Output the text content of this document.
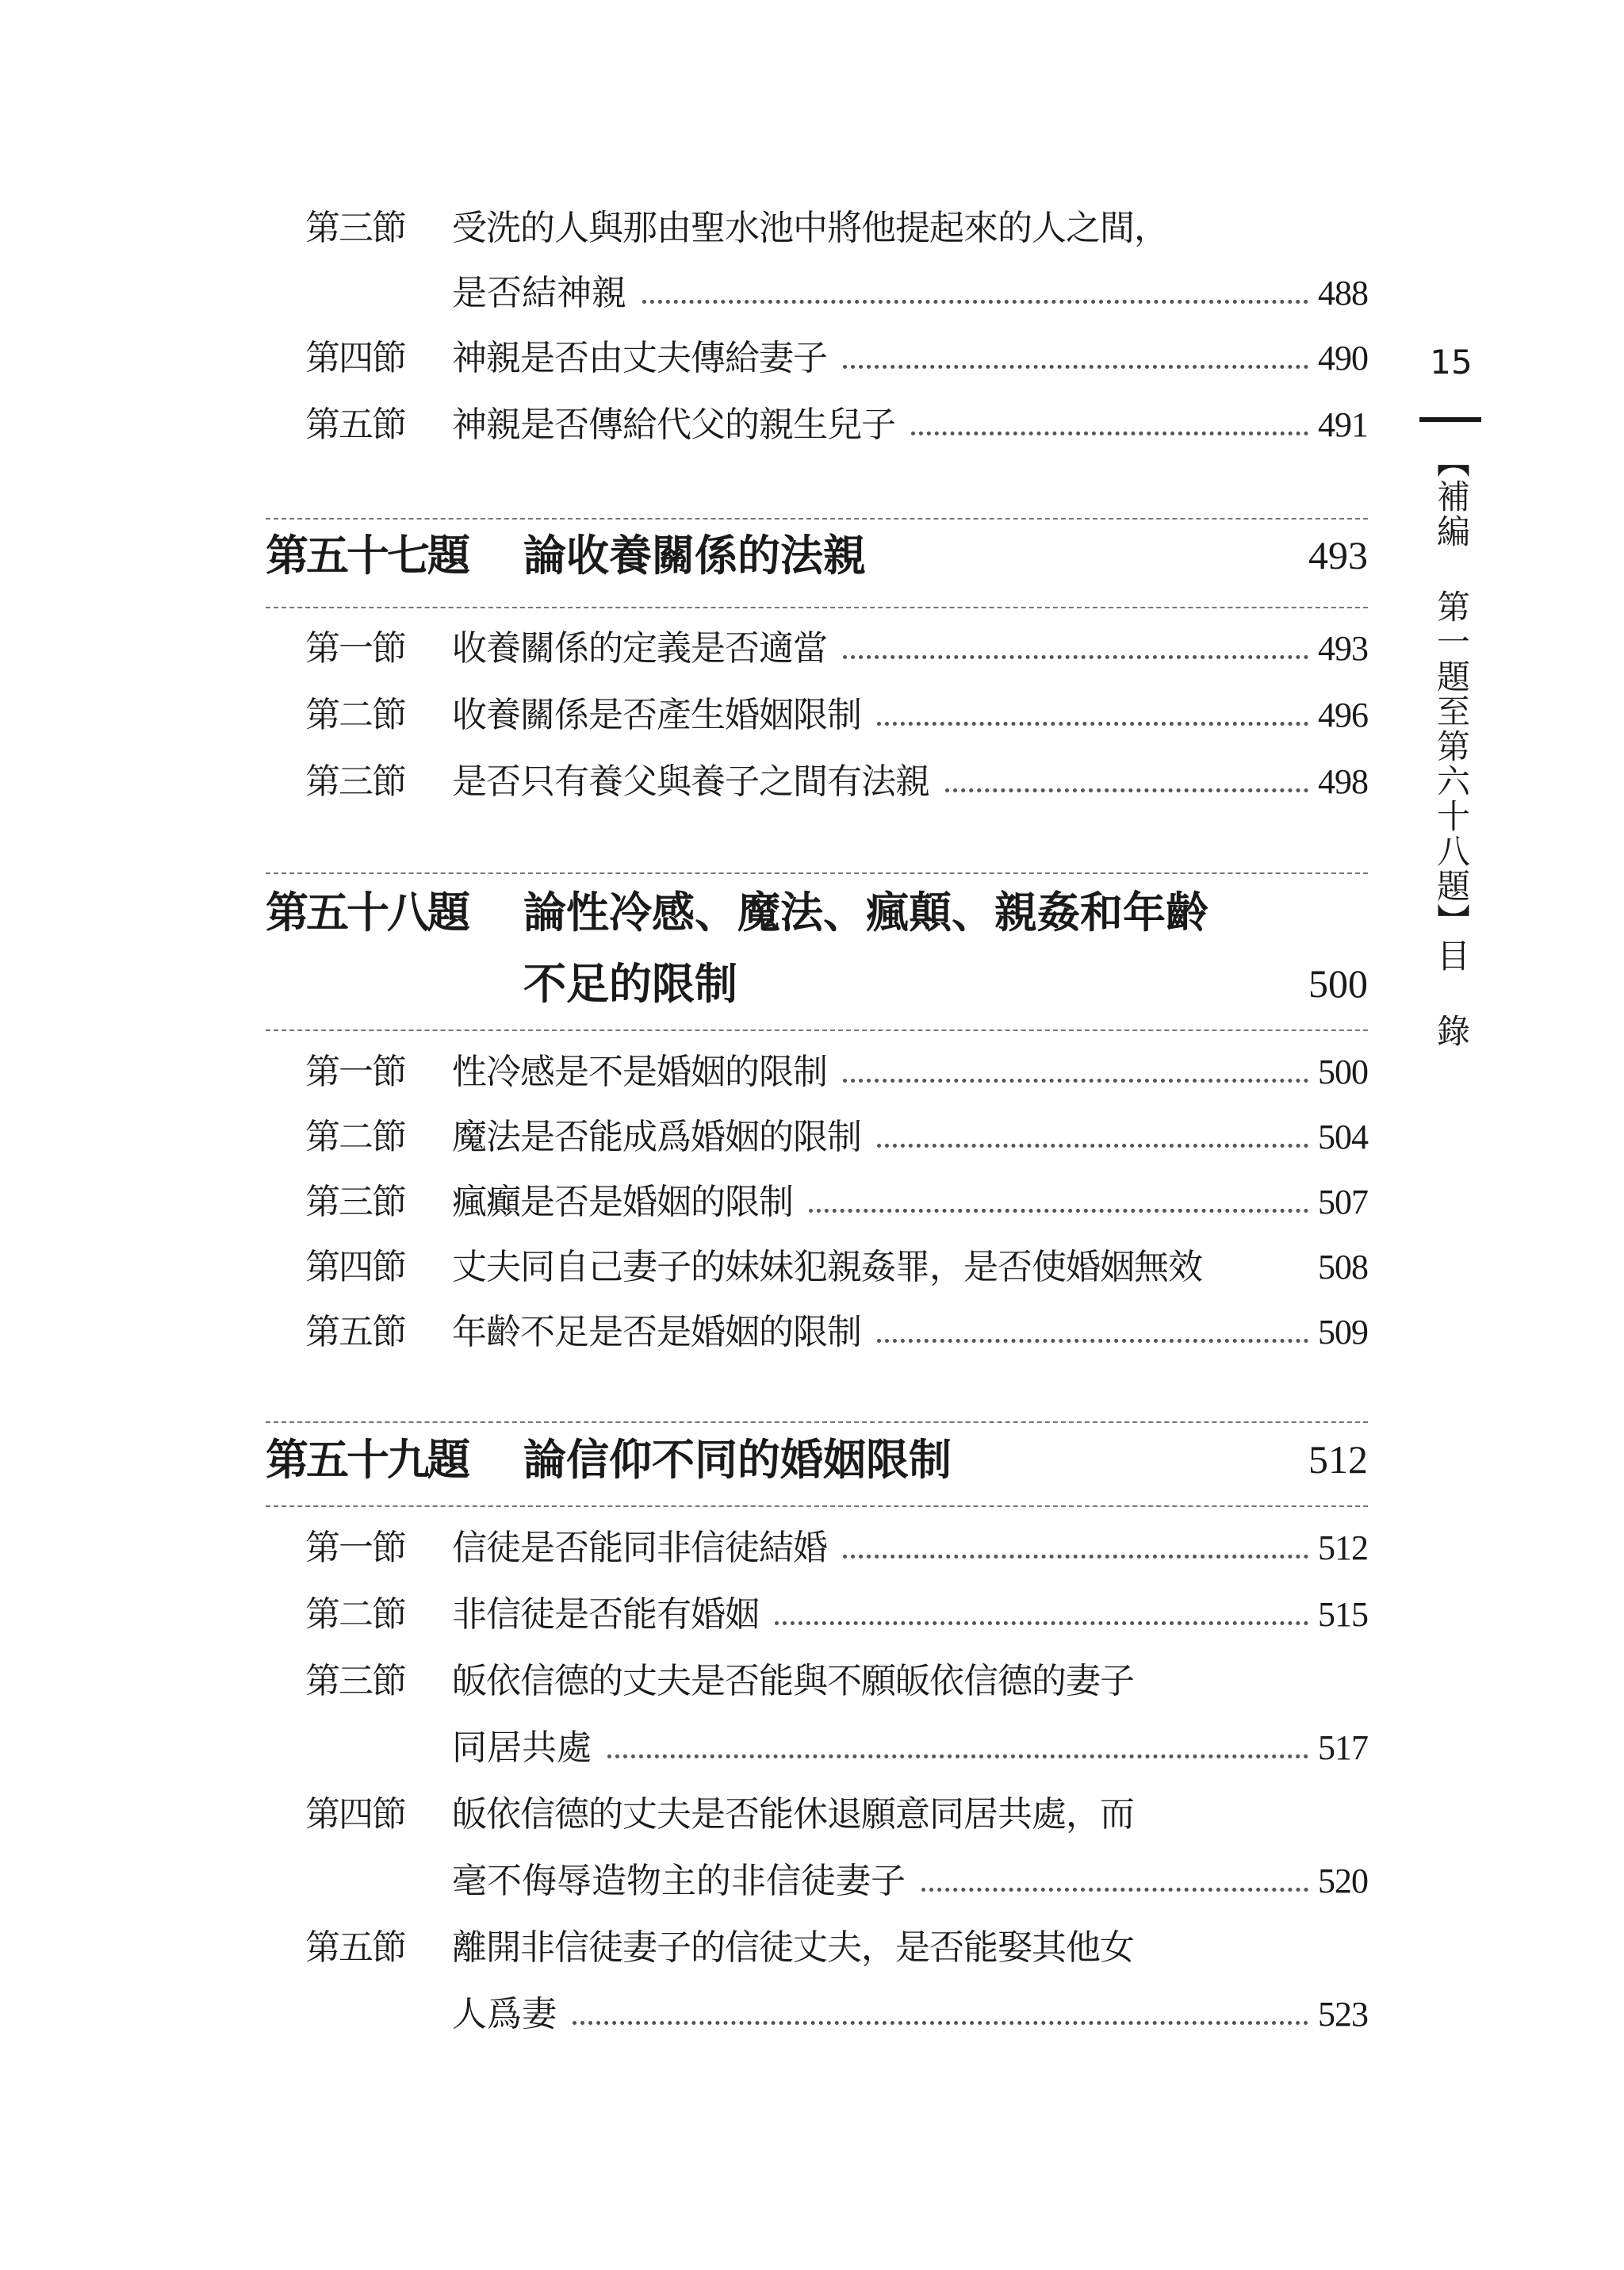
第三節 受洗的人與那由聖水池中將他提起來的人之間，
是否結神親	488
第四節	神親是否由丈夫傳給妻子	490
第五節	神親是否傳給代父的親生兒子	491
第五十七題 論收養關係的法親	493
第一節	收養關係的定義是否適當	493
第二節	收養關係是否產生婚姻限制	496
第三節	是否只有養父與養子之間有法親	498
第五十八題 論性冷感、魔法、瘋顛、親姦和年齡
不足的限制	500
第一節	性冷感是不是婚姻的限制	500
第二節	魔法是否能成爲婚姻的限制	504
第三節	瘋癲是否是婚姻的限制	507
第四節	丈夫同自己妻子的妹妹犯親姦罪，是否使婚姻無效	508
第五節	年齡不足是否是婚姻的限制	509
第五十九題 論信仰不同的婚姻限制	512
第一節	信徒是否能同非信徒結婚	512
第二節	非信徒是否能有婚姻	515
第三節 皈依信德的丈夫是否能與不願皈依信德的妻子
同居共處	517
第四節 皈依信德的丈夫是否能休退願意同居共處，而
毫不侮辱造物主的非信徒妻子	520
第五節 離開非信徒妻子的信徒丈夫，是否能娶其他女
人爲妻	523
15
【補編 第一題至第六十八題】目 錄
